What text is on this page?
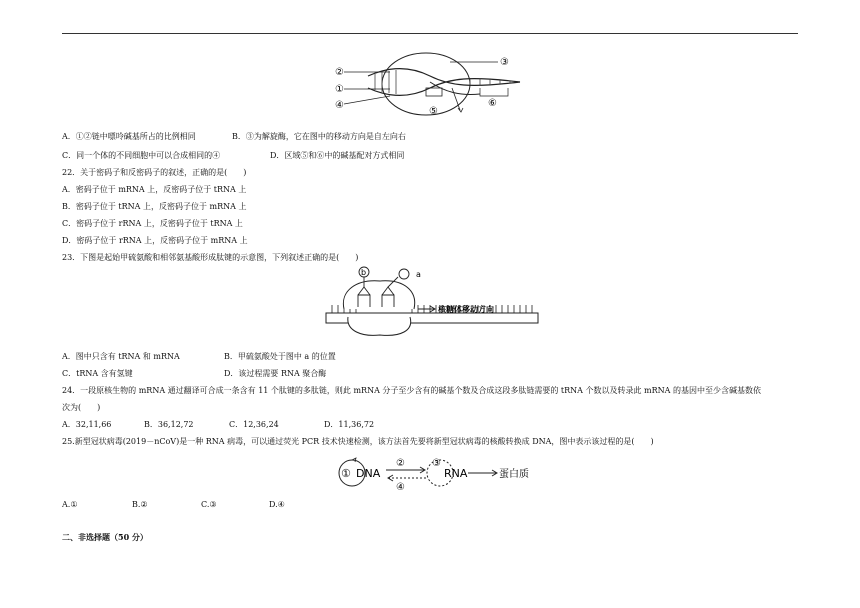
②
①
④
③
⑤
⑥
A．①②链中嘌呤碱基所占的比例相同	B．③为解旋酶，它在图中的移动方向是自左向右
C．同一个体的不同细胞中可以合成相同的④	D．区域⑤和⑥中的碱基配对方式相同
22．关于密码子和反密码子的叙述，正确的是(　　)
A．密码子位于 mRNA 上，反密码子位于 tRNA 上
B．密码子位于 tRNA 上，反密码子位于 mRNA 上
C．密码子位于 rRNA 上，反密码子位于 tRNA 上
D．密码子位于 rRNA 上，反密码子位于 mRNA 上
23．下图是起始甲硫氨酸和相邻氨基酸形成肽键的示意图，下列叙述正确的是(　　)
b	a
核糖体移动方向
A．图中只含有 tRNA 和 mRNA	B．甲硫氨酸处于图中 a 的位置
C．tRNA 含有氢键	D．该过程需要 RNA 聚合酶
24．一段原核生物的 mRNA 通过翻译可合成一条含有 11 个肽键的多肽链，则此 mRNA 分子至少含有的碱基个数及合成这段多肽链需要的 tRNA 个数以及转录此 mRNA 的基因中至少含碱基数依
次为(　　)
A．32,11,66	B．36,12,72	C．12,36,24	D．11,36,72
25.新型冠状病毒(2019－nCoV)是一种 RNA 病毒，可以通过荧光 PCR 技术快速检测，该方法首先要将新型冠状病毒的核酸转换成 DNA，图中表示该过程的是(　　)
① DNA
②
④
③
RNA	蛋白质
A.①	B.②	C.③	D.④
二、非选择题（50 分）
